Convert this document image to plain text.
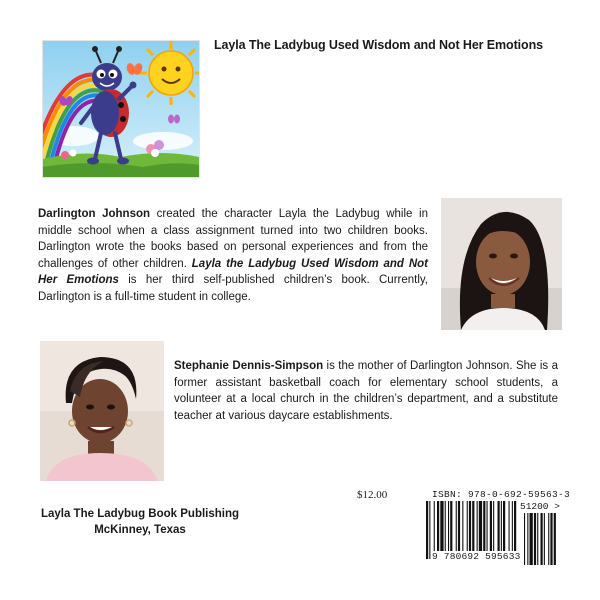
Layla The Ladybug Used Wisdom and Not Her Emotions
Darlington Johnson created the character Layla the Ladybug while in middle school when a class assignment turned into two children books. Darlington wrote the books based on personal experiences and from the challenges of other children. Layla the Ladybug Used Wisdom and Not Her Emotions is her third self-published children’s book. Currently, Darlington is a full-time student in college.
Stephanie Dennis-Simpson is the mother of Darlington Johnson. She is a former assistant basketball coach for elementary school students, a volunteer at a local church in the children’s department, and a substitute teacher at various daycare establishments.
$12.00
Layla The Ladybug Book Publishing
McKinney, Texas
ISBN: 978-0-692-59563-3
51200 >
9 780692 595633
